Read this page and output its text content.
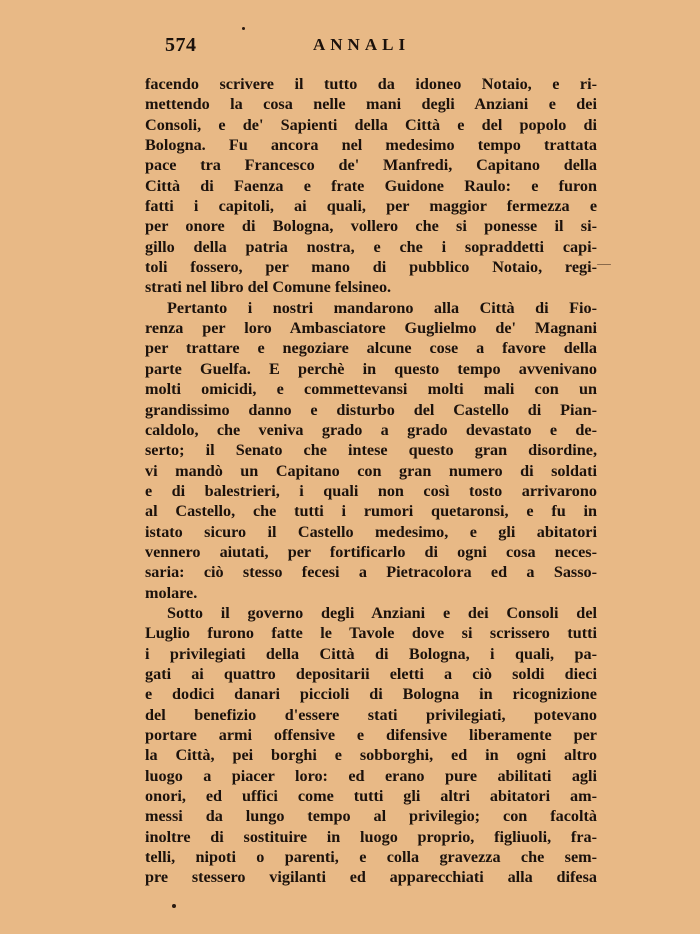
574	ANNALI
facendo scrivere il tutto da idoneo Notaio, e ri-
mettendo la cosa nelle mani degli Anziani e dei
Consoli, e de' Sapienti della Città e del popolo di
Bologna. Fu ancora nel medesimo tempo trattata
pace tra Francesco de' Manfredi, Capitano della
Città di Faenza e frate Guidone Raulo: e furon
fatti i capitoli, ai quali, per maggior fermezza e
per onore di Bologna, vollero che si ponesse il si-
gillo della patria nostra, e che i sopraddetti capi-
toli fossero, per mano di pubblico Notaio, regi-
strati nel libro del Comune felsineo.
Pertanto i nostri mandarono alla Città di Fio-
renza per loro Ambasciatore Guglielmo de' Magnani
per trattare e negoziare alcune cose a favore della
parte Guelfa. E perchè in questo tempo avvenivano
molti omicidi, e commettevansi molti mali con un
grandissimo danno e disturbo del Castello di Pian-
caldolo, che veniva grado a grado devastato e de-
serto; il Senato che intese questo gran disordine,
vi mandò un Capitano con gran numero di soldati
e di balestrieri, i quali non così tosto arrivarono
al Castello, che tutti i rumori quetaronsi, e fu in
istato sicuro il Castello medesimo, e gli abitatori
vennero aiutati, per fortificarlo di ogni cosa neces-
saria: ciò stesso fecesi a Pietracolora ed a Sasso-
molare.
Sotto il governo degli Anziani e dei Consoli del
Luglio furono fatte le Tavole dove si scrissero tutti
i privilegiati della Città di Bologna, i quali, pa-
gati ai quattro depositarii eletti a ciò soldi dieci
e dodici danari piccioli di Bologna in ricognizione
del benefizio d'essere stati privilegiati, potevano
portare armi offensive e difensive liberamente per
la Città, pei borghi e sobborghi, ed in ogni altro
luogo a piacer loro: ed erano pure abilitati agli
onori, ed uffici come tutti gli altri abitatori am-
messi da lungo tempo al privilegio; con facoltà
inoltre di sostituire in luogo proprio, figliuoli, fra-
telli, nipoti o parenti, e colla gravezza che sem-
pre stessero vigilanti ed apparecchiati alla difesa
